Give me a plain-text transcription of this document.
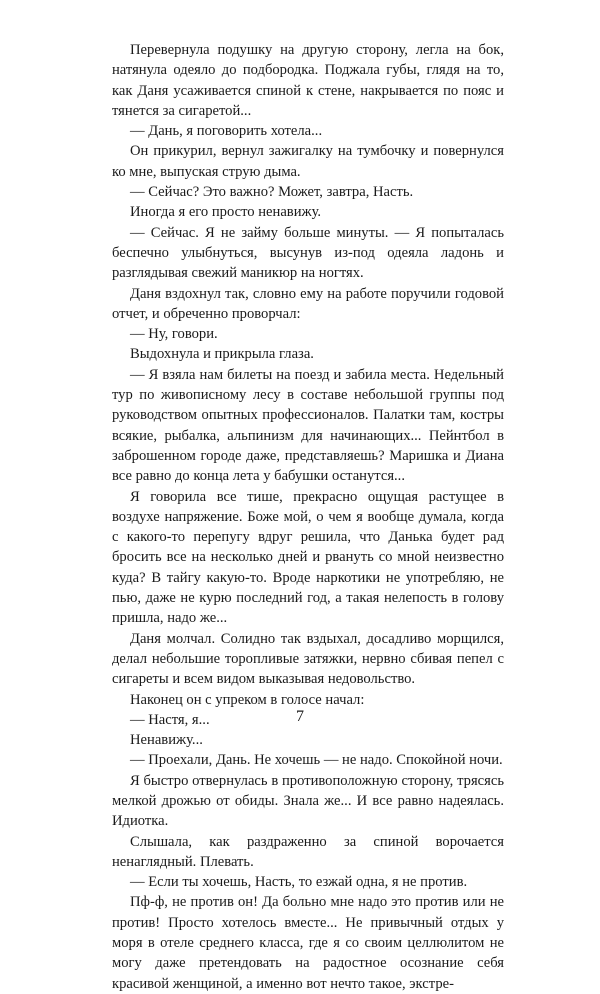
Перевернула подушку на другую сторону, легла на бок, натянула одеяло до подбородка. Поджала губы, глядя на то, как Даня усаживается спиной к стене, накрывается по пояс и тянется за сигаретой...

— Дань, я поговорить хотела...

Он прикурил, вернул зажигалку на тумбочку и повернулся ко мне, выпуская струю дыма.

— Сейчас? Это важно? Может, завтра, Насть.

Иногда я его просто ненавижу.

— Сейчас. Я не займу больше минуты. — Я попыталась беспечно улыбнуться, высунув из-под одеяла ладонь и разглядывая свежий маникюр на ногтях.

Даня вздохнул так, словно ему на работе поручили годовой отчет, и обреченно проворчал:

— Ну, говори.

Выдохнула и прикрыла глаза.

— Я взяла нам билеты на поезд и забила места. Недельный тур по живописному лесу в составе небольшой группы под руководством опытных профессионалов. Палатки там, костры всякие, рыбалка, альпинизм для начинающих... Пейнтбол в заброшенном городе даже, представляешь? Маришка и Диана все равно до конца лета у бабушки останутся...

Я говорила все тише, прекрасно ощущая растущее в воздухе напряжение. Боже мой, о чем я вообще думала, когда с какого-то перепугу вдруг решила, что Данька будет рад бросить все на несколько дней и рвануть со мной неизвестно куда? В тайгу какую-то. Вроде наркотики не употребляю, не пью, даже не курю последний год, а такая нелепость в голову пришла, надо же...

Даня молчал. Солидно так вздыхал, досадливо морщился, делал небольшие торопливые затяжки, нервно сбивая пепел с сигареты и всем видом выказывая недовольство.

Наконец он с упреком в голосе начал:

— Настя, я...

Ненавижу...

— Проехали, Дань. Не хочешь — не надо. Спокойной ночи.

Я быстро отвернулась в противоположную сторону, трясясь мелкой дрожью от обиды. Знала же... И все равно надеялась. Идиотка.

Слышала, как раздраженно за спиной ворочается ненаглядный. Плевать.

— Если ты хочешь, Насть, то езжай одна, я не против.

Пф-ф, не против он! Да больно мне надо это против или не против! Просто хотелось вместе... Не привычный отдых у моря в отеле среднего класса, где я со своим целлюлитом не могу даже претендовать на радостное осознание себя красивой женщиной, а именно вот нечто такое, экстре-

7
